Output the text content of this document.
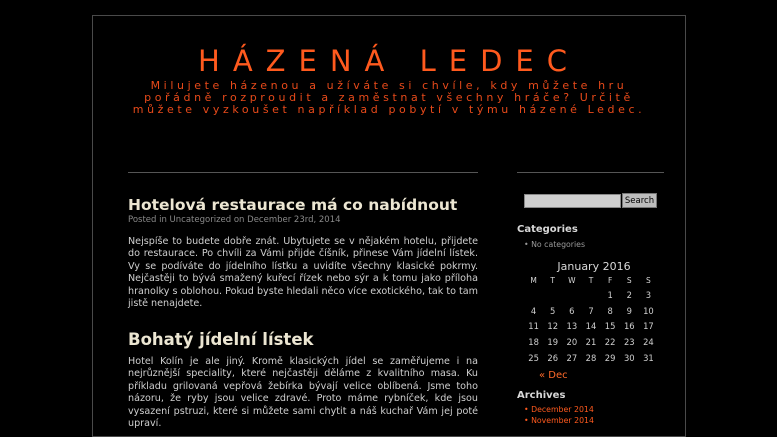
HÁZENÁ LEDEC
Milujete házenou a užíváte si chvíle, kdy můžete hru
pořádně rozproudit a zaměstnat všechny hráče? Určitě
můžete vyzkoušet například pobytí v týmu házené Ledec.
Hotelová restaurace má co nabídnout
Posted in Uncategorized on December 23rd, 2014
Nejspíše to budete dobře znát. Ubytujete se v nějakém hotelu, přijdete do restaurace. Po chvíli za Vámi přijde číšník, přinese Vám jídelní lístek. Vy se podíváte do jídelního lístku a uvidíte všechny klasické pokrmy. Nejčastěji to bývá smažený kuřecí řízek nebo sýr a k tomu jako příloha hranolky s oblohou. Pokud byste hledali něco více exotického, tak to tam jistě nenajdete.
Bohatý jídelní lístek
Hotel Kolín je ale jiný. Kromě klasických jídel se zaměřujeme i na nejrůznější speciality, které nejčastěji děláme z kvalitního masa. Ku příkladu grilovaná vepřová žebírka bývají velice oblíbená. Jsme toho názoru, že ryby jsou velice zdravé. Proto máme rybníček, kde jsou vysazení pstruzi, které si můžete sami chytit a náš kuchař Vám jej poté upraví.
Search
Categories
• No categories
January 2016
M	T	W	T	F	S	S
				1	2	3
4	5	6	7	8	9	10
11	12	13	14	15	16	17
18	19	20	21	22	23	24
25	26	27	28	29	30	31
« Dec
Archives
• December 2014
• November 2014
